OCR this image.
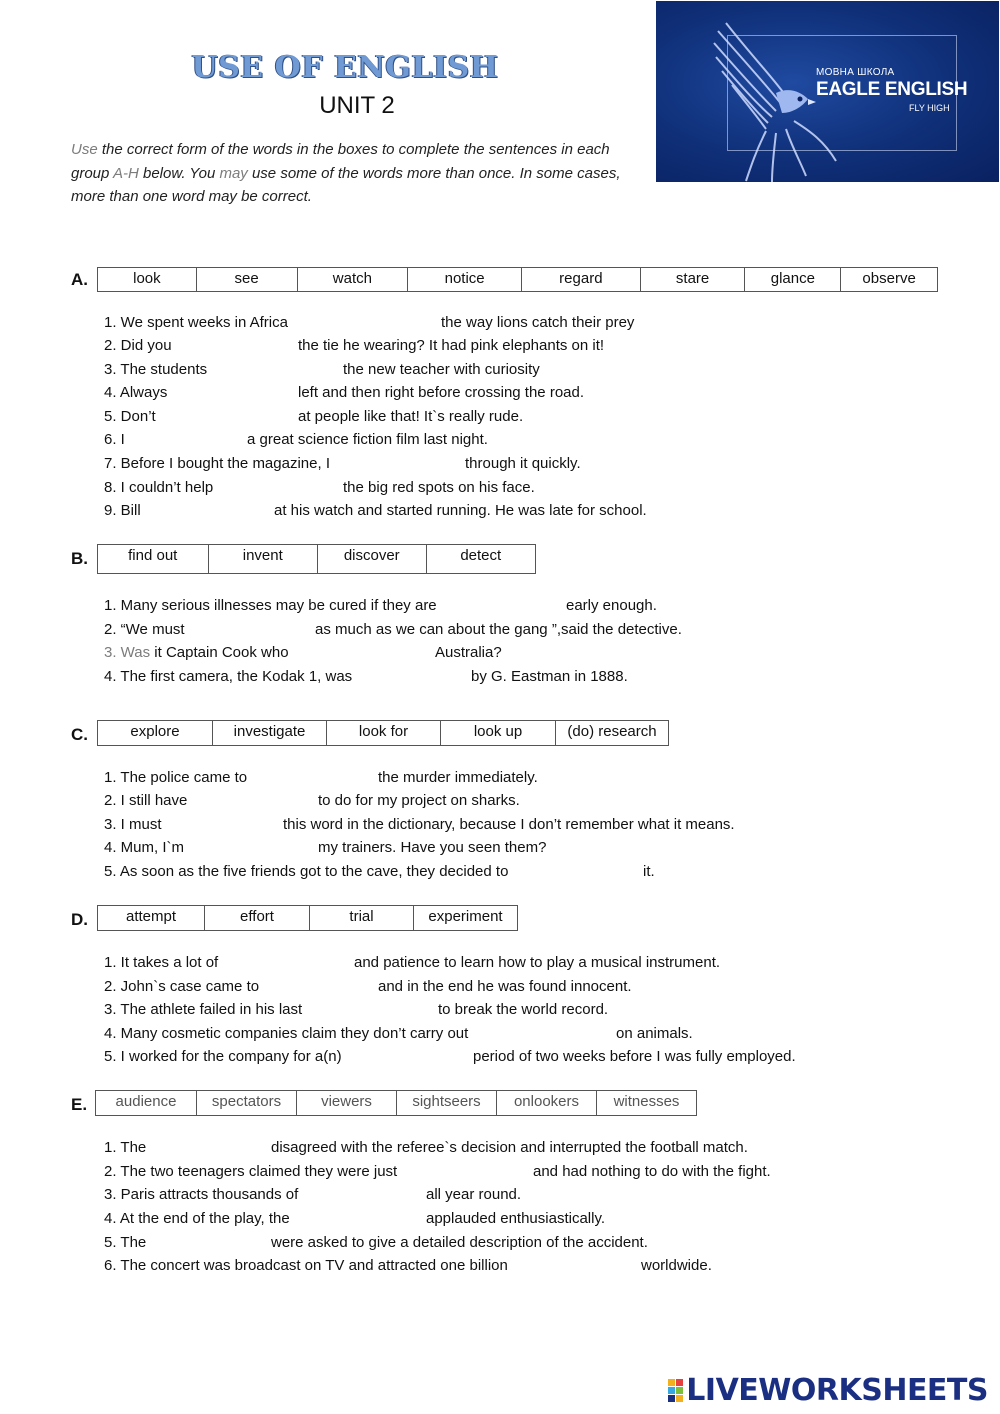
USE OF ENGLISH
UNIT 2
Use the correct form of the words in the boxes to complete the sentences in each group A-H below. You may use some of the words more than once. In some cases, more than one word may be correct.
МОВНА ШКОЛА
EAGLE ENGLISH
FLY HIGH
A.	look	see	watch	notice	regard	stare	glance	observe
1. We spent weeks in Africa	the way lions catch their prey
2. Did you	the tie he wearing? It had pink elephants on it!
3. The students	the new teacher with curiosity
4. Always	left and then right before crossing the road.
5. Don’t	at people like that! It`s really rude.
6. I	a great science fiction film last night.
7. Before I bought the magazine, I	through it quickly.
8. I couldn’t help	the big red spots on his face.
9. Bill	at his watch and started running. He was late for school.
B.	find out	invent	discover	detect
1. Many serious illnesses may be cured if they are	early enough.
2. “We must	as much as we can about the gang ”,said the detective.
3. Was it Captain Cook who	Australia?
4. The first camera, the Kodak 1, was	by G. Eastman in 1888.
C.	explore	investigate	look for	look up	(do) research
1. The police came to	the murder immediately.
2. I still have	to do for my project on sharks.
3. I must	this word in the dictionary, because I don’t remember what it means.
4. Mum, I`m	my trainers. Have you seen them?
5. As soon as the five friends got to the cave, they decided to	it.
D.	attempt	effort	trial	experiment
1. It takes a lot of	and patience to learn how to play a musical instrument.
2. John`s case came to	and in the end he was found innocent.
3. The athlete failed in his last	to break the world record.
4. Many cosmetic companies claim they don’t carry out	on animals.
5. I worked for the company for a(n)	period of two weeks before I was fully employed.
E.	audience	spectators	viewers	sightseers	onlookers	witnesses
1. The	disagreed with the referee`s decision and interrupted the football match.
2. The two teenagers claimed they were just	and had nothing to do with the fight.
3. Paris attracts thousands of	all year round.
4. At the end of the play, the	applauded enthusiastically.
5. The	were asked to give a detailed description of the accident.
6. The concert was broadcast on TV and attracted one billion	worldwide.
LIVEWORKSHEETS
